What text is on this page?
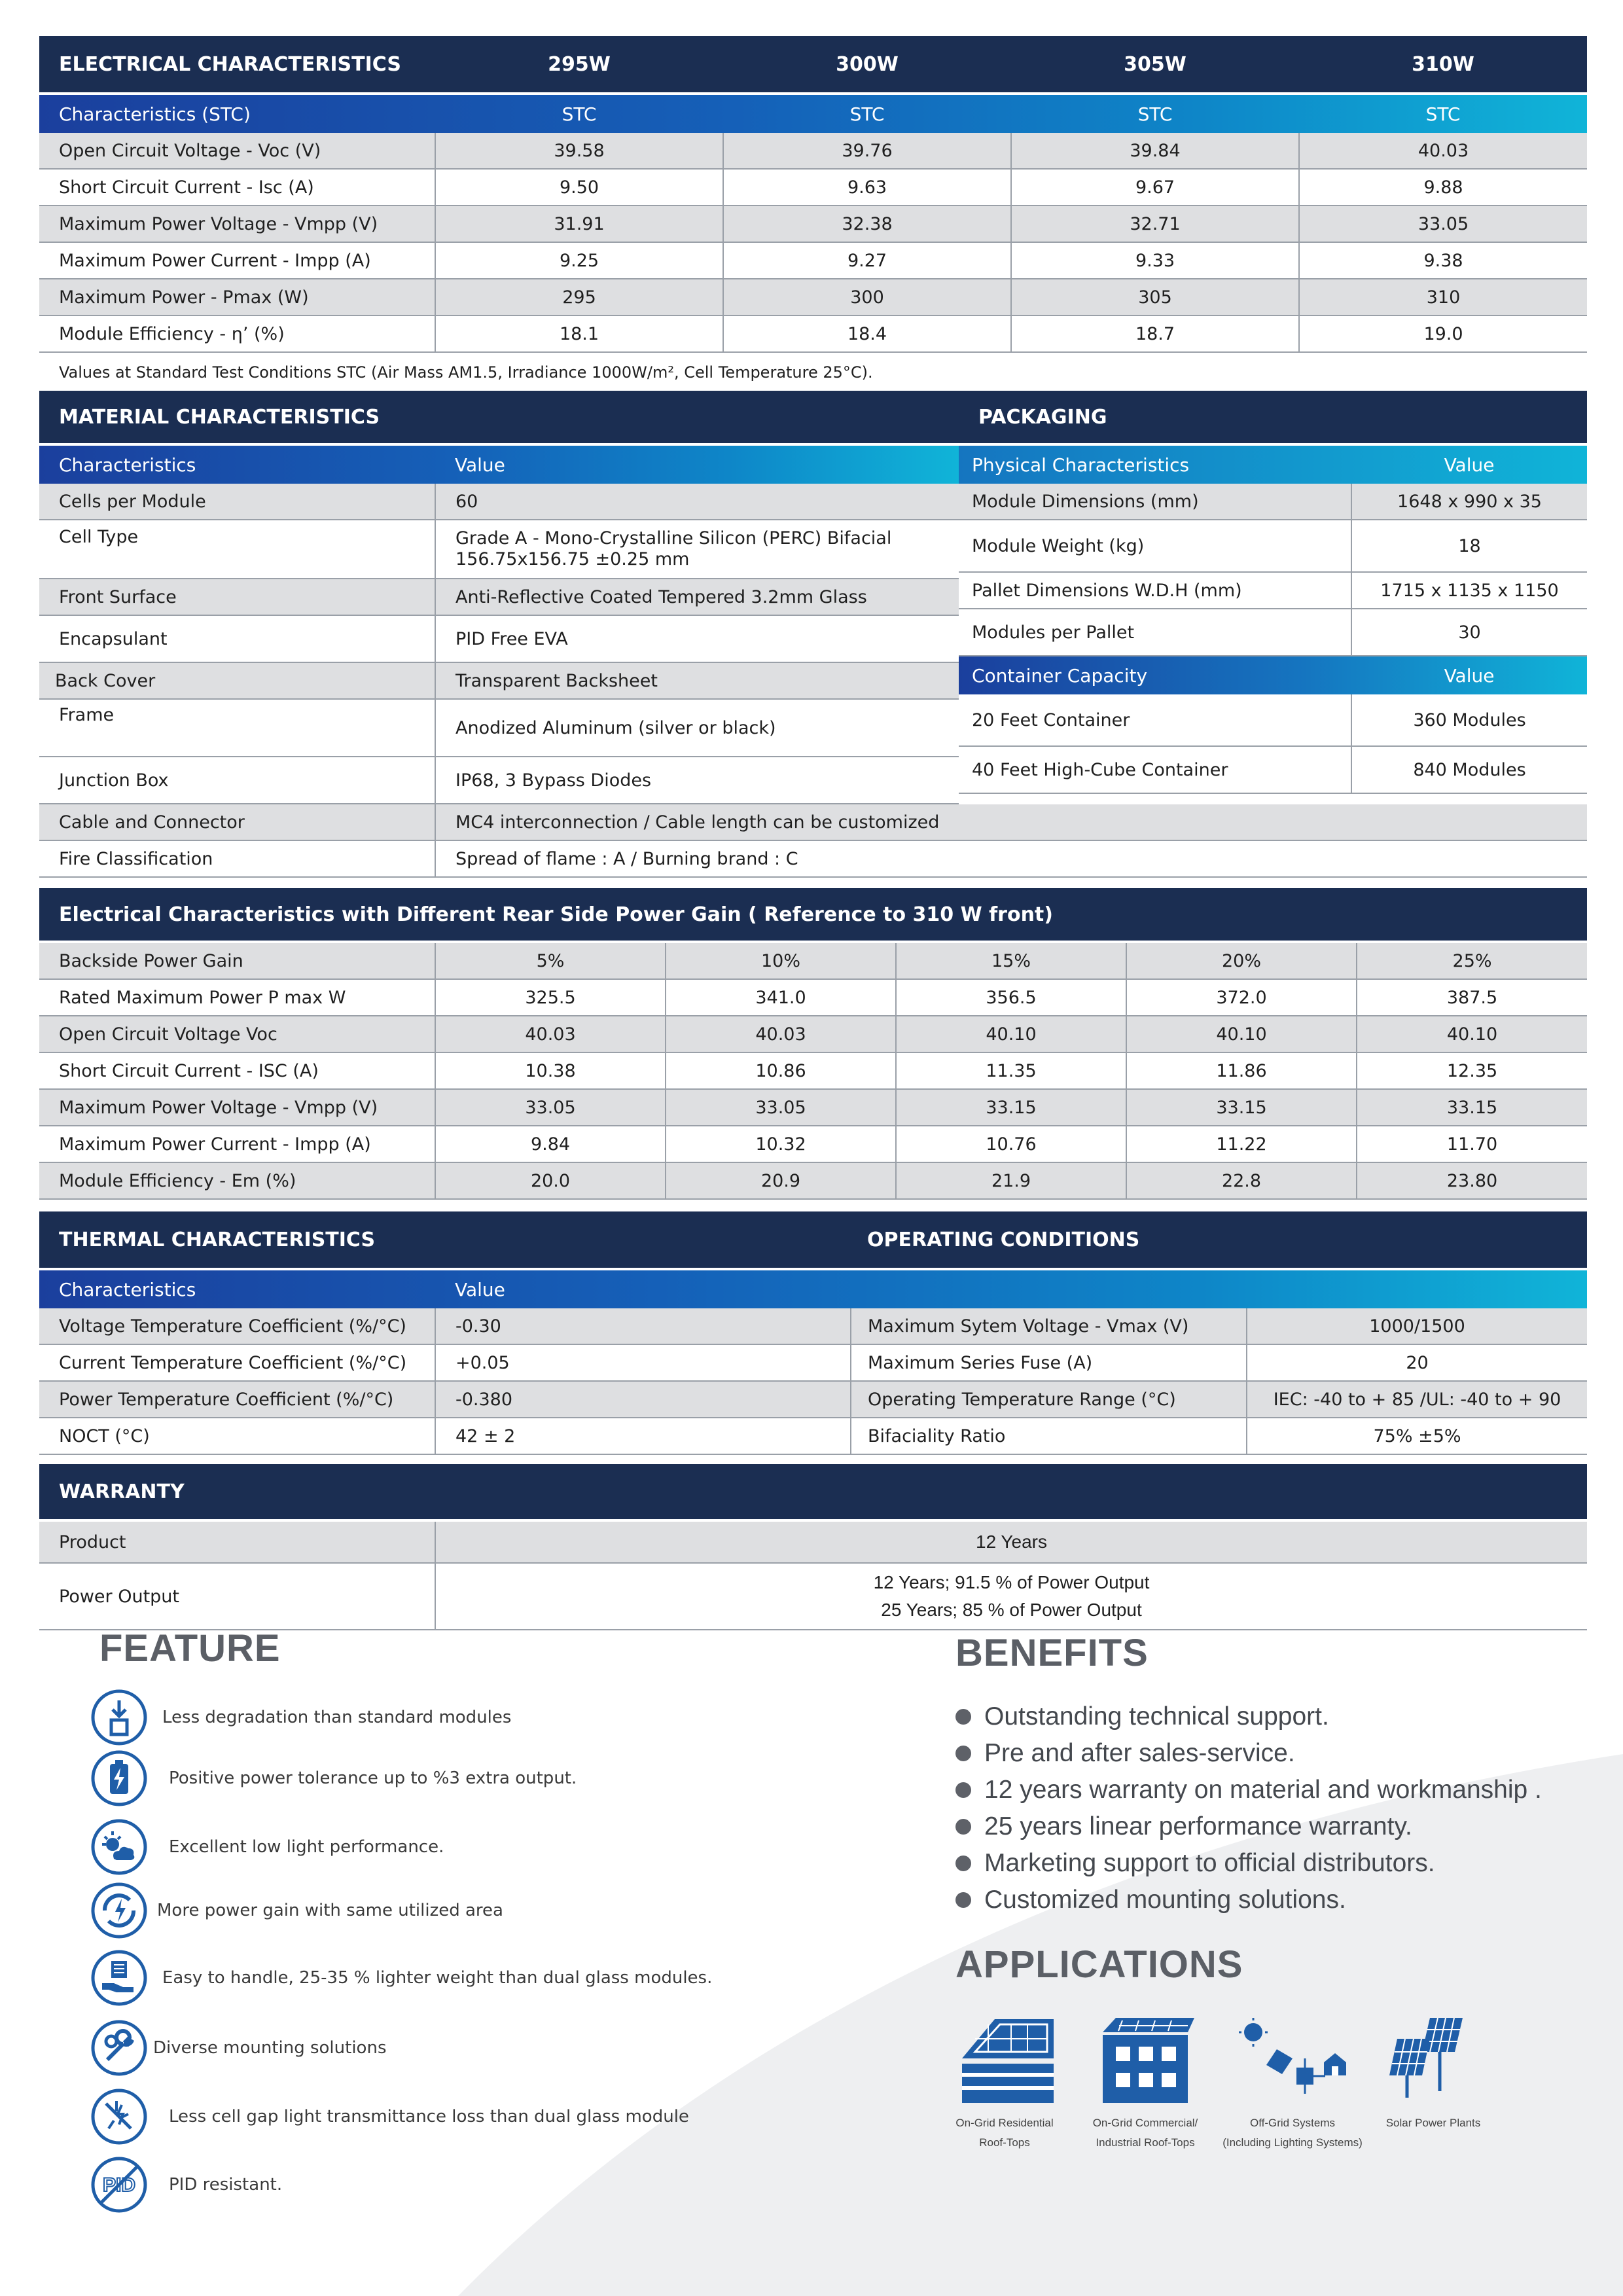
ELECTRICAL CHARACTERISTICS	295W	300W	305W	310W
Characteristics (STC)	STC	STC	STC	STC
Open Circuit Voltage - Voc (V)	39.58	39.76	39.84	40.03
Short Circuit Current - Isc (A)	9.50	9.63	9.67	9.88
Maximum Power Voltage - Vmpp (V)	31.91	32.38	32.71	33.05
Maximum Power Current - Impp (A)	9.25	9.27	9.33	9.38
Maximum Power - Pmax (W)	295	300	305	310
Module Efficiency - η’ (%)	18.1	18.4	18.7	19.0
Values at Standard Test Conditions STC (Air Mass AM1.5, Irradiance 1000W/m², Cell Temperature 25°C).
MATERIAL CHARACTERISTICS	
Characteristics	Value
Cells per Module	60
Cell Type	Grade A - Mono-Crystalline Silicon (PERC) Bifacial 156.75x156.75 ±0.25 mm
Front Surface	Anti-Reflective Coated Tempered 3.2mm Glass
Encapsulant	PID Free EVA
Back Cover	Transparent Backsheet
Frame	Anodized Aluminum (silver or black)
Junction Box	IP68, 3 Bypass Diodes
PACKAGING	
Physical Characteristics	Value
Module Dimensions (mm)	1648 x 990 x 35
Module Weight (kg)	18
Pallet Dimensions W.D.H (mm)	1715 x 1135 x 1150
Modules per Pallet	30
Container Capacity	Value
20 Feet Container	360 Modules
40 Feet High-Cube Container	840 Modules
Cable and Connector	MC4 interconnection / Cable length can be customized
Fire Classification	Spread of flame : A / Burning brand : C
Electrical Characteristics with Different Rear Side Power Gain ( Reference to 310 W front)					
Backside Power Gain	5%	10%	15%	20%	25%
Rated Maximum Power P max W	325.5	341.0	356.5	372.0	387.5
Open Circuit Voltage Voc	40.03	40.03	40.10	40.10	40.10
Short Circuit Current - ISC (A)	10.38	10.86	11.35	11.86	12.35
Maximum Power Voltage - Vmpp (V)	33.05	33.05	33.15	33.15	33.15
Maximum Power Current - Impp (A)	9.84	10.32	10.76	11.22	11.70
Module Efficiency - Em (%)	20.0	20.9	21.9	22.8	23.80
THERMAL CHARACTERISTICS		OPERATING CONDITIONS	
Characteristics	Value		
Voltage Temperature Coefficient (%/°C)	-0.30	Maximum Sytem Voltage - Vmax (V)	1000/1500
Current Temperature Coefficient (%/°C)	+0.05	Maximum Series Fuse (A)	20
Power Temperature Coefficient (%/°C)	-0.380	Operating Temperature Range (°C)	IEC: -40 to + 85 /UL: -40 to + 90
NOCT (°C)	42 ± 2	Bifaciality Ratio	75% ±5%
WARRANTY	
Product	12 Years
Power Output	12 Years; 91.5 % of Power Output
25 Years; 85 % of Power Output
FEATURE
Less degradation than standard modules
Positive power tolerance up to %3 extra output.
Excellent low light performance.
More power gain with same utilized area
Easy to handle, 25-35 % lighter weight than dual glass modules.
Diverse mounting solutions
Less cell gap light transmittance loss than dual glass module
PID PID resistant.
BENEFITS
Outstanding technical support.
Pre and after sales-service.
12 years warranty on material and workmanship .
25 years linear performance warranty.
Marketing support to official distributors.
Customized mounting solutions.
APPLICATIONS
On-Grid Residential
Roof-Tops
On-Grid Commercial/
Industrial Roof-Tops
Off-Grid Systems
(Including Lighting Systems)
Solar Power Plants
